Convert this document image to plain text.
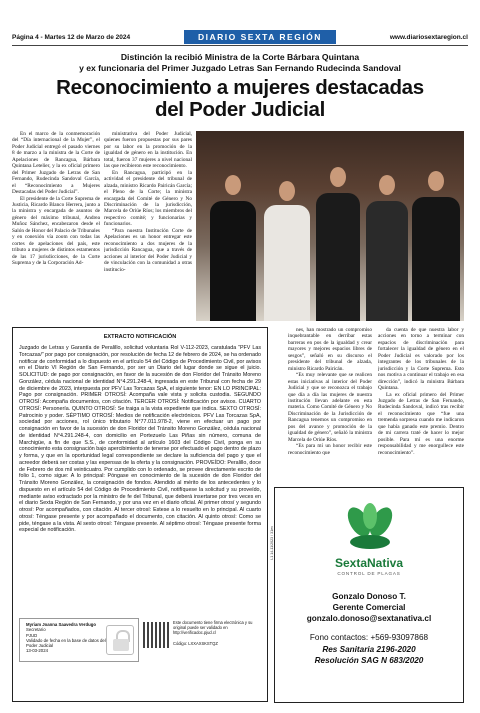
Página 4 - Martes 12 de Marzo de 2024	DIARIO SEXTA REGIÓN	www.diariosextaregion.cl
Distinción la recibió Ministra de la Corte Bárbara Quintana
y ex funcionaria del Primer Juzgado Letras San Fernando Rudecinda Sandoval
Reconocimiento a mujeres destacadas
del Poder Judicial

En el marco de la conmemoración del “Día internacional de la Mujer”, el Poder Judicial entregó el pasado viernes 8 de marzo a la ministra de la Corte de Apelaciones de Rancagua, Bárbara Quintana Letelier, y la ex oficial primero del Primer Juzgado de Letras de San Fernando, Rudecinda Sandoval García, el “Reconocimiento a Mujeres Destacadas del Poder Judicial”.

El presidente de la Corte Suprema de Justicia, Ricardo Blanco Herrera, junto a la ministra y encargada de asuntos de género del máximo tribunal, Andrea Muñoz Sánchez, encabezaron desde el Salón de Honor del Palacio de Tribunales y en conexión vía zoom con todas las cortes de apelaciones del país, este tributo a mujeres de distintos estamentos de las 17 jurisdicciones, de la Corte Suprema y de la Corporación Ad-

ministrativa del Poder Judicial, quienes fueron propuestas por sus pares por su labor en la promoción de la igualdad de género en la institución. En total, fueron 37 mujeres a nivel nacional las que recibieron este reconocimiento.

En Rancagua, participó en la actividad el presidente del tribunal de alzada, ministro Ricardo Pairicán García; el Pleno de la Corte; la ministra encargada del Comité de Género y No Discriminación de la jurisdicción, Marcela de Oriúe Ríos; los miembros del respectivo comité; y funcionarias y funcionarios.

“Para nuestra Institución Corte de Apelaciones es un honor entregar este reconocimiento a dos mujeres de la jurisdicción Rancagua, que a través de acciones al interior del Poder Judicial y de vinculación con la comunidad a otras institucio-

nes, han mostrado un compromiso inquebrantable en derribar estas barreras en pos de la igualdad y crear mayores y mejores espacios libres de sesgos”, señaló en su discurso el presidente del tribunal de alzada, ministro Ricardo Pairicán.

“Es muy relevante que se realicen estas iniciativas al interior del Poder Judicial y que se reconozca el trabajo que día a día las mujeres de nuestra institución llevan adelante en esta materia. Como Comité de Género y No Discriminación de la Jurisdicción de Rancagua tenemos un compromiso en pos del avance y promoción de la igualdad de género”, señaló la ministra Marcela de Oriúe Ríos.

“Es para mí un honor recibir este reconocimiento que

da cuenta de que nuestra labor y acciones en torno a terminar con espacios de discriminación para fortalecer la igualdad de género en el Poder Judicial es valorado por los integrantes de los tribunales de la jurisdicción y la Corte Suprema. Esto nos motiva a continuar el trabajo en esa dirección”, indicó la ministra Bárbara Quintana.

La ex oficial primero del Primer Juzgado de Letras de San Fernando, Rudecinda Sandoval, indicó tras recibir el reconocimiento que “fue una tremenda sorpresa cuando me indicaron que había ganado este premio. Dentro de mi carrera traté de hacer lo mejor posible. Para mí es una enorme responsabilidad y me enorgullece este reconocimiento”.

EXTRACTO NOTIFICACIÓN
Juzgado de Letras y Garantía de Peralillo, solicitud voluntaria Rol V-112-2023, caratulada “PFV Las Torcazas/” por pago por consignación, por resolución de fecha 12 de febrero de 2024, se ha ordenado notificar de conformidad a lo dispuesto en el artículo 54 del Código de Procedimiento Civil, por avisos en el Diario VI Región de San Fernando, por ser un Diario del lugar donde se sigue el juicio. SOLICITUD: de pago por consignación, en favor de la sucesión de don Floridor del Tránsito Moreno González, cédula nacional de identidad N°4.291.248-4, ingresada en este Tribunal con fecha de 29 de diciembre de 2023, interpuesta por PFV Las Torcazas SpA, el siguiente tenor: EN LO PRINCIPAL: Pago por consignación. PRIMER OTROSÍ: Acompaña vale vista y solicita custodia. SEGUNDO OTROSÍ: Acompaña documentos, con citación. TERCER OTROSÍ: Notificación por avisos. CUARTO OTROSÍ: Personería. QUINTO OTROSÍ: Se traiga a la vista expediente que indica. SEXTO OTROSÍ: Patrocinio y poder. SÉPTIMO OTROSÍ: Medios de notificación electrónicos. PFV Las Torcazas SpA, sociedad por acciones, rol único tributario N°77.011.978-2, viene en efectuar un pago por consignación en favor de la sucesión de don Floridor del Tránsito Moreno González, cédula nacional de identidad N°4.291.248-4, con domicilio en Portezuelo Las Piñas sin número, comuna de Marchigüe, a fin de que S.S., de conformidad al artículo 1603 del Código Civil, ponga en su conocimiento esta consignación bajo apercibimiento de tenerse por efectuado el pago dentro de plazo y forma, y que en la oportunidad legal correspondiente se declare la suficiencia del pago y que el acreedor deberá ser costas y las expensas de la oferta y la consignación. PROVEÍDO: Peralillo, doce de Febrero de dos mil veinticuatro. Por cumplido con lo ordenado, se provee directamente escrito de folio 1, como sigue: A lo principal: Póngase en conocimiento de la sucesión de don Floridor del Tránsito Moreno González, la consignación de fondos. Atendido al mérito de los antecedentes y lo dispuesto en el artículo 54 del Código de Procedimiento Civil, notifíquese la solicitud y su proveído, mediante aviso extractado por la ministro de fe del Tribunal, que deberá insertarse por tres veces en el diario Sexta Región de San Fernando, y por una vez en el diario oficial. Al primer otrosí y segundo otrosí: Por acompañados, con citación. Al tercer otrosí: Estese a lo resuelto en lo principal. Al cuarto otrosí: Téngase presente y por acompañado el documento, con citación. Al quinto otrosí: Como se pide, téngase a la vista. Al sexto otrosí: Téngase presente. Al séptimo otrosí: Téngase presente forma especial de notificación.
Myriam Joanna Saavedra Verdugo
Secretario
PJUD
Validado de fecha en la base de datos del Poder Judicial
13-03-2024
Este documento tiene firma electrónica y su original puede ser validado en http://verificadoc.pjud.cl
Código: LXXAXSKSTQZ
I-1 14-11/2023 / 31ev
SextaNativa
CONTROL DE PLAGAS
Gonzalo Donoso T.
Gerente Comercial
gonzalo.donoso@sextanativa.cl
Fono contactos: +569-93097868
Res Sanitaria 2196-2020
Resolución SAG N 683/2020
